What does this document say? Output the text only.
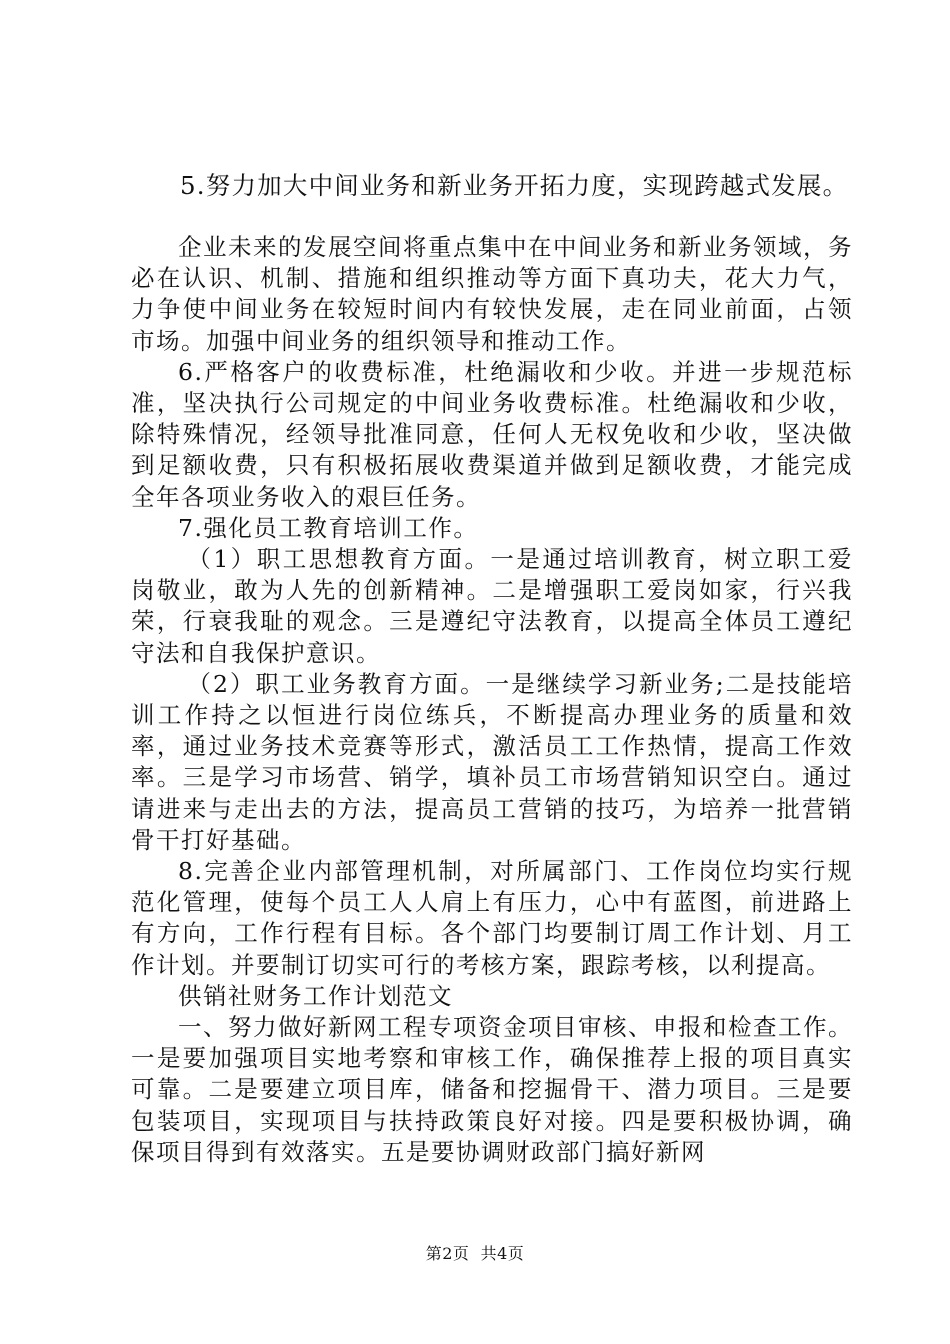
5.努力加大中间业务和新业务开拓力度，实现跨越式发展。

企业未来的发展空间将重点集中在中间业务和新业务领域，务必在认识、机制、措施和组织推动等方面下真功夫，花大力气，力争使中间业务在较短时间内有较快发展，走在同业前面，占领市场。加强中间业务的组织领导和推动工作。

6.严格客户的收费标准，杜绝漏收和少收。并进一步规范标准，坚决执行公司规定的中间业务收费标准。杜绝漏收和少收，除特殊情况，经领导批准同意，任何人无权免收和少收，坚决做到足额收费，只有积极拓展收费渠道并做到足额收费，才能完成全年各项业务收入的艰巨任务。

7.强化员工教育培训工作。

（1）职工思想教育方面。一是通过培训教育，树立职工爱岗敬业，敢为人先的创新精神。二是增强职工爱岗如家，行兴我荣，行衰我耻的观念。三是遵纪守法教育，以提高全体员工遵纪守法和自我保护意识。

（2）职工业务教育方面。一是继续学习新业务;二是技能培训工作持之以恒进行岗位练兵，不断提高办理业务的质量和效率，通过业务技术竞赛等形式，激活员工工作热情，提高工作效率。三是学习市场营、销学，填补员工市场营销知识空白。通过请进来与走出去的方法，提高员工营销的技巧，为培养一批营销骨干打好基础。

8.完善企业内部管理机制，对所属部门、工作岗位均实行规范化管理，使每个员工人人肩上有压力，心中有蓝图，前进路上有方向，工作行程有目标。各个部门均要制订周工作计划、月工作计划。并要制订切实可行的考核方案，跟踪考核，以利提高。

供销社财务工作计划范文

一、努力做好新网工程专项资金项目审核、申报和检查工作。一是要加强项目实地考察和审核工作，确保推荐上报的项目真实可靠。二是要建立项目库，储备和挖掘骨干、潜力项目。三是要包装项目，实现项目与扶持政策良好对接。四是要积极协调，确保项目得到有效落实。五是要协调财政部门搞好新网

第2页  共4页
